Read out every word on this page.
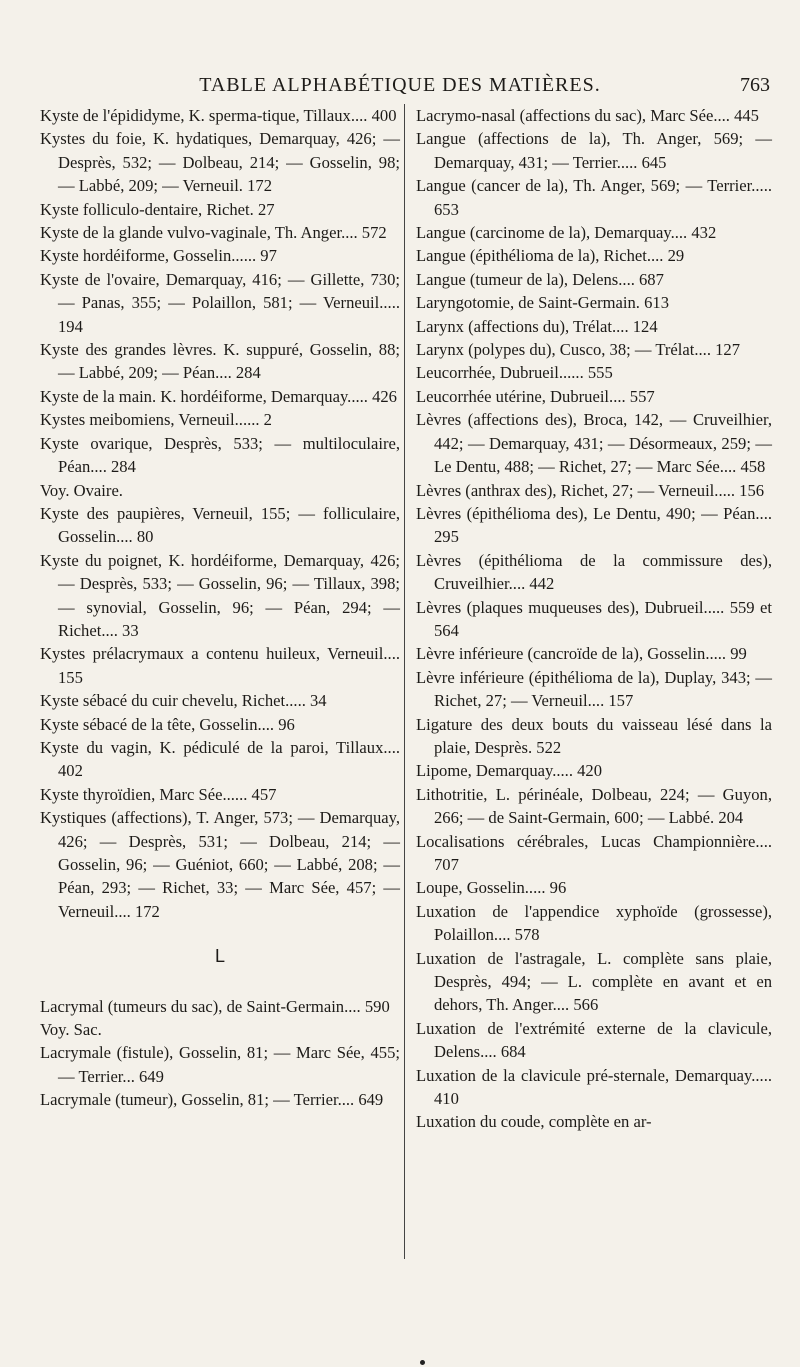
TABLE ALPHABÉTIQUE DES MATIÈRES.	763
Kyste de l'épididyme, K. sperma-tique, Tillaux.... 400
Kystes du foie, K. hydatiques, Demarquay, 426; — Desprès, 532; — Dolbeau, 214; — Gosselin, 98; — Labbé, 209; — Verneuil. 172
Kyste folliculo-dentaire, Richet. 27
Kyste de la glande vulvo-vaginale, Th. Anger.... 572
Kyste hordéiforme, Gosselin...... 97
Kyste de l'ovaire, Demarquay, 416; — Gillette, 730; — Panas, 355; — Polaillon, 581; — Verneuil..... 194
Kyste des grandes lèvres. K. suppuré, Gosselin, 88; — Labbé, 209; — Péan.... 284
Kyste de la main. K. hordéiforme, Demarquay..... 426
Kystes meibomiens, Verneuil...... 2
Kyste ovarique, Desprès, 533; — multiloculaire, Péan.... 284
Voy. Ovaire.
Kyste des paupières, Verneuil, 155; — folliculaire, Gosselin.... 80
Kyste du poignet, K. hordéiforme, Demarquay, 426; — Desprès, 533; — Gosselin, 96; — Tillaux, 398; — synovial, Gosselin, 96; — Péan, 294; — Richet.... 33
Kystes prélacrymaux a contenu huileux, Verneuil.... 155
Kyste sébacé du cuir chevelu, Richet..... 34
Kyste sébacé de la tête, Gosselin.... 96
Kyste du vagin, K. pédiculé de la paroi, Tillaux.... 402
Kyste thyroïdien, Marc Sée...... 457
Kystiques (affections), T. Anger, 573; — Demarquay, 426; — Desprès, 531; — Dolbeau, 214; — Gosselin, 96; — Guéniot, 660; — Labbé, 208; — Péan, 293; — Richet, 33; — Marc Sée, 457; — Verneuil.... 172
L
Lacrymal (tumeurs du sac), de Saint-Germain.... 590
Voy. Sac.
Lacrymale (fistule), Gosselin, 81; — Marc Sée, 455; — Terrier... 649
Lacrymale (tumeur), Gosselin, 81; — Terrier.... 649
Lacrymo-nasal (affections du sac), Marc Sée.... 445
Langue (affections de la), Th. Anger, 569; — Demarquay, 431; — Terrier..... 645
Langue (cancer de la), Th. Anger, 569; — Terrier..... 653
Langue (carcinome de la), Demarquay.... 432
Langue (épithélioma de la), Richet.... 29
Langue (tumeur de la), Delens.... 687
Laryngotomie, de Saint-Germain. 613
Larynx (affections du), Trélat.... 124
Larynx (polypes du), Cusco, 38; — Trélat.... 127
Leucorrhée, Dubrueil...... 555
Leucorrhée utérine, Dubrueil.... 557
Lèvres (affections des), Broca, 142, — Cruveilhier, 442; — Demarquay, 431; — Désormeaux, 259; — Le Dentu, 488; — Richet, 27; — Marc Sée.... 458
Lèvres (anthrax des), Richet, 27; — Verneuil..... 156
Lèvres (épithélioma des), Le Dentu, 490; — Péan.... 295
Lèvres (épithélioma de la commissure des), Cruveilhier.... 442
Lèvres (plaques muqueuses des), Dubrueil..... 559 et 564
Lèvre inférieure (cancroïde de la), Gosselin..... 99
Lèvre inférieure (épithélioma de la), Duplay, 343; — Richet, 27; — Verneuil.... 157
Ligature des deux bouts du vaisseau lésé dans la plaie, Desprès. 522
Lipome, Demarquay..... 420
Lithotritie, L. périnéale, Dolbeau, 224; — Guyon, 266; — de Saint-Germain, 600; — Labbé. 204
Localisations cérébrales, Lucas Championnière.... 707
Loupe, Gosselin..... 96
Luxation de l'appendice xyphoïde (grossesse), Polaillon.... 578
Luxation de l'astragale, L. complète sans plaie, Desprès, 494; — L. complète en avant et en dehors, Th. Anger.... 566
Luxation de l'extrémité externe de la clavicule, Delens.... 684
Luxation de la clavicule pré-sternale, Demarquay..... 410
Luxation du coude, complète en ar-
